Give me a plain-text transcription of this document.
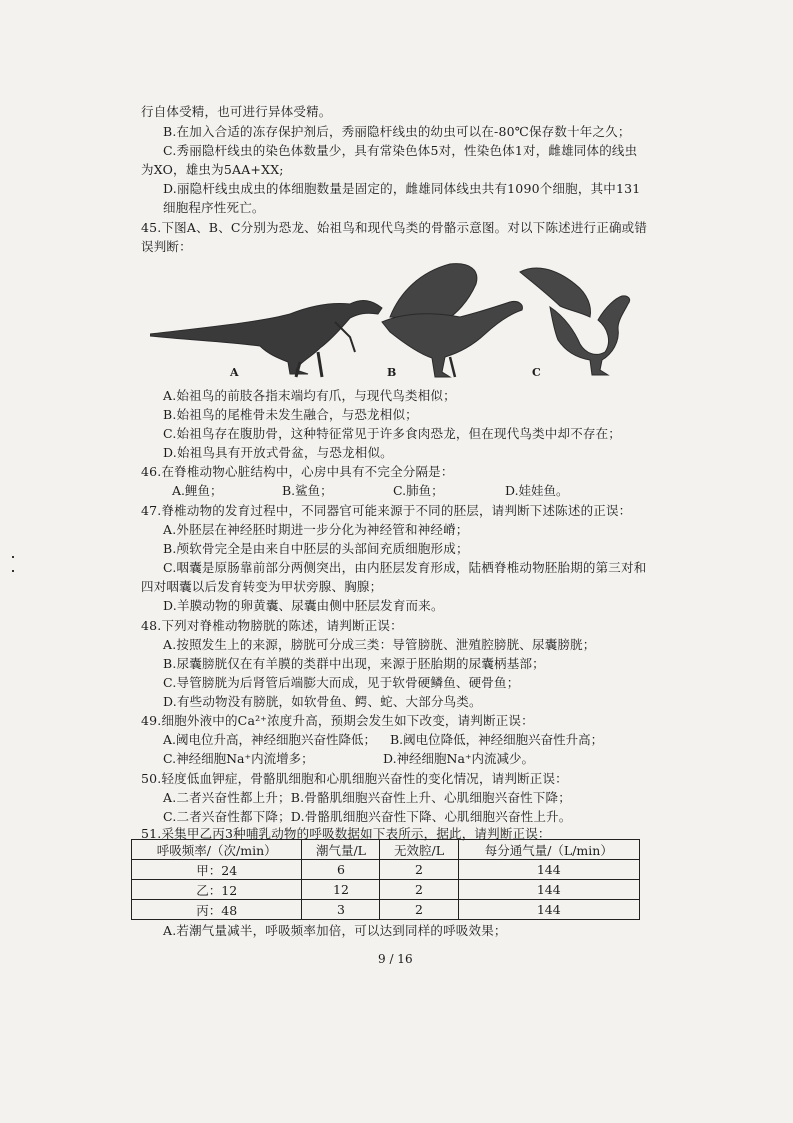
行自体受精，也可进行异体受精。
B.在加入合适的冻存保护剂后，秀丽隐杆线虫的幼虫可以在-80℃保存数十年之久；
C.秀丽隐杆线虫的染色体数量少，具有常染色体5对，性染色体1对，雌雄同体的线虫
为XO，雄虫为5AA+XX;
D.丽隐杆线虫成虫的体细胞数量是固定的，雌雄同体线虫共有1090个细胞，其中131
细胞程序性死亡。
45.下图A、B、C分别为恐龙、始祖鸟和现代鸟类的骨骼示意图。对以下陈述进行正确或错
误判断：
A	B	C
A.始祖鸟的前肢各指末端均有爪，与现代鸟类相似；
B.始祖鸟的尾椎骨未发生融合，与恐龙相似；
C.始祖鸟存在腹肋骨，这种特征常见于许多食肉恐龙，但在现代鸟类中却不存在；
D.始祖鸟具有开放式骨盆，与恐龙相似。
46.在脊椎动物心脏结构中，心房中具有不完全分隔是：
A.鲤鱼；	B.鲨鱼；	C.肺鱼；	D.娃娃鱼。
47.脊椎动物的发育过程中，不同器官可能来源于不同的胚层，请判断下述陈述的正误：
A.外胚层在神经胚时期进一步分化为神经管和神经嵴；
B.颅软骨完全是由来自中胚层的头部间充质细胞形成；
C.咽囊是原肠靠前部分两侧突出，由内胚层发育形成，陆栖脊椎动物胚胎期的第三对和
四对咽囊以后发育转变为甲状旁腺、胸腺；
D.羊膜动物的卵黄囊、尿囊由侧中胚层发育而来。
48.下列对脊椎动物膀胱的陈述，请判断正误：
A.按照发生上的来源，膀胱可分成三类：导管膀胱、泄殖腔膀胱、尿囊膀胱；
B.尿囊膀胱仅在有羊膜的类群中出现，来源于胚胎期的尿囊柄基部；
C.导管膀胱为后肾管后端膨大而成，见于软骨硬鳞鱼、硬骨鱼；
D.有些动物没有膀胱，如软骨鱼、鳄、蛇、大部分鸟类。
49.细胞外液中的Ca²⁺浓度升高，预期会发生如下改变，请判断正误：
A.阈电位升高，神经细胞兴奋性降低； B.阈电位降低，神经细胞兴奋性升高；
C.神经细胞Na⁺内流增多；	D.神经细胞Na⁺内流减少。
50.轻度低血钾症，骨骼肌细胞和心肌细胞兴奋性的变化情况，请判断正误：
A.二者兴奋性都上升；B.骨骼肌细胞兴奋性上升、心肌细胞兴奋性下降；
C.二者兴奋性都下降；D.骨骼肌细胞兴奋性下降、心肌细胞兴奋性上升。
51.采集甲乙丙3种哺乳动物的呼吸数据如下表所示，据此，请判断正误：
呼吸频率/（次/min）	潮气量/L	无效腔/L	每分通气量/（L/min）
甲：24	6	2	144
乙：12	12	2	144
丙：48	3	2	144
A.若潮气量减半，呼吸频率加倍，可以达到同样的呼吸效果；
9 / 16
